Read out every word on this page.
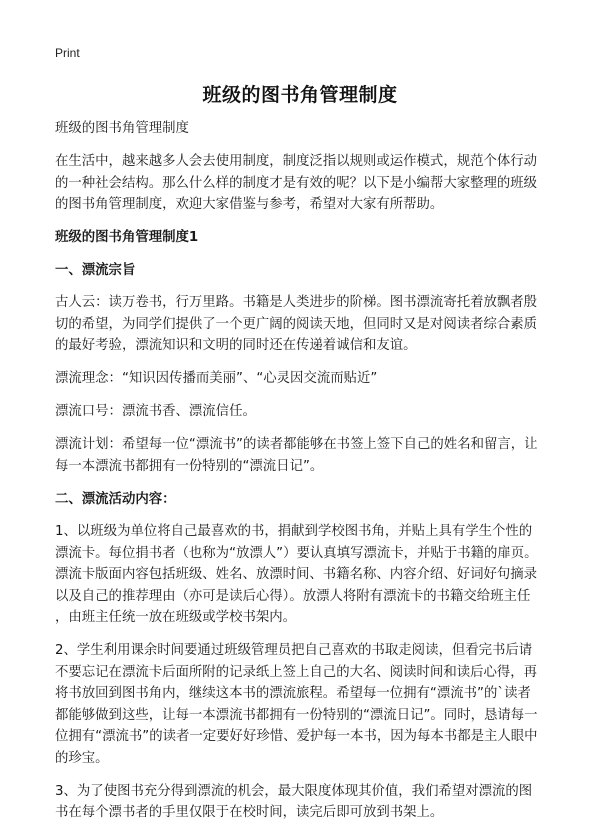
Print
班级的图书角管理制度

班级的图书角管理制度

在生活中，越来越多人会去使用制度，制度泛指以规则或运作模式，规范个体行动
的一种社会结构。那么什么样的制度才是有效的呢？以下是小编帮大家整理的班级
的图书角管理制度，欢迎大家借鉴与参考，希望对大家有所帮助。

班级的图书角管理制度1
一、漂流宗旨

古人云：读万卷书，行万里路。书籍是人类进步的阶梯。图书漂流寄托着放飘者殷
切的希望，为同学们提供了一个更广阔的阅读天地，但同时又是对阅读者综合素质
的最好考验，漂流知识和文明的同时还在传递着诚信和友谊。

漂流理念：“知识因传播而美丽”、“心灵因交流而贴近”

漂流口号：漂流书香、漂流信任。

漂流计划：希望每一位“漂流书”的读者都能够在书签上签下自己的姓名和留言，让
每一本漂流书都拥有一份特别的“漂流日记”。

二、漂流活动内容：

1、以班级为单位将自己最喜欢的书，捐献到学校图书角，并贴上具有学生个性的
漂流卡。每位捐书者（也称为“放漂人”）要认真填写漂流卡，并贴于书籍的扉页。
漂流卡版面内容包括班级、姓名、放漂时间、书籍名称、内容介绍、好词好句摘录
以及自己的推荐理由（亦可是读后心得）。放漂人将附有漂流卡的书籍交给班主任
，由班主任统一放在班级或学校书架内。

2、学生利用课余时间要通过班级管理员把自己喜欢的书取走阅读，但看完书后请
不要忘记在漂流卡后面所附的记录纸上签上自己的大名、阅读时间和读后心得，再
将书放回到图书角内，继续这本书的漂流旅程。希望每一位拥有“漂流书”的`读者
都能够做到这些，让每一本漂流书都拥有一份特别的“漂流日记”。同时，恳请每一
位拥有“漂流书”的读者一定要好好珍惜、爱护每一本书，因为每本书都是主人眼中
的珍宝。

3、为了使图书充分得到漂流的机会，最大限度体现其价值，我们希望对漂流的图
书在每个漂书者的手里仅限于在校时间，读完后即可放到书架上。
